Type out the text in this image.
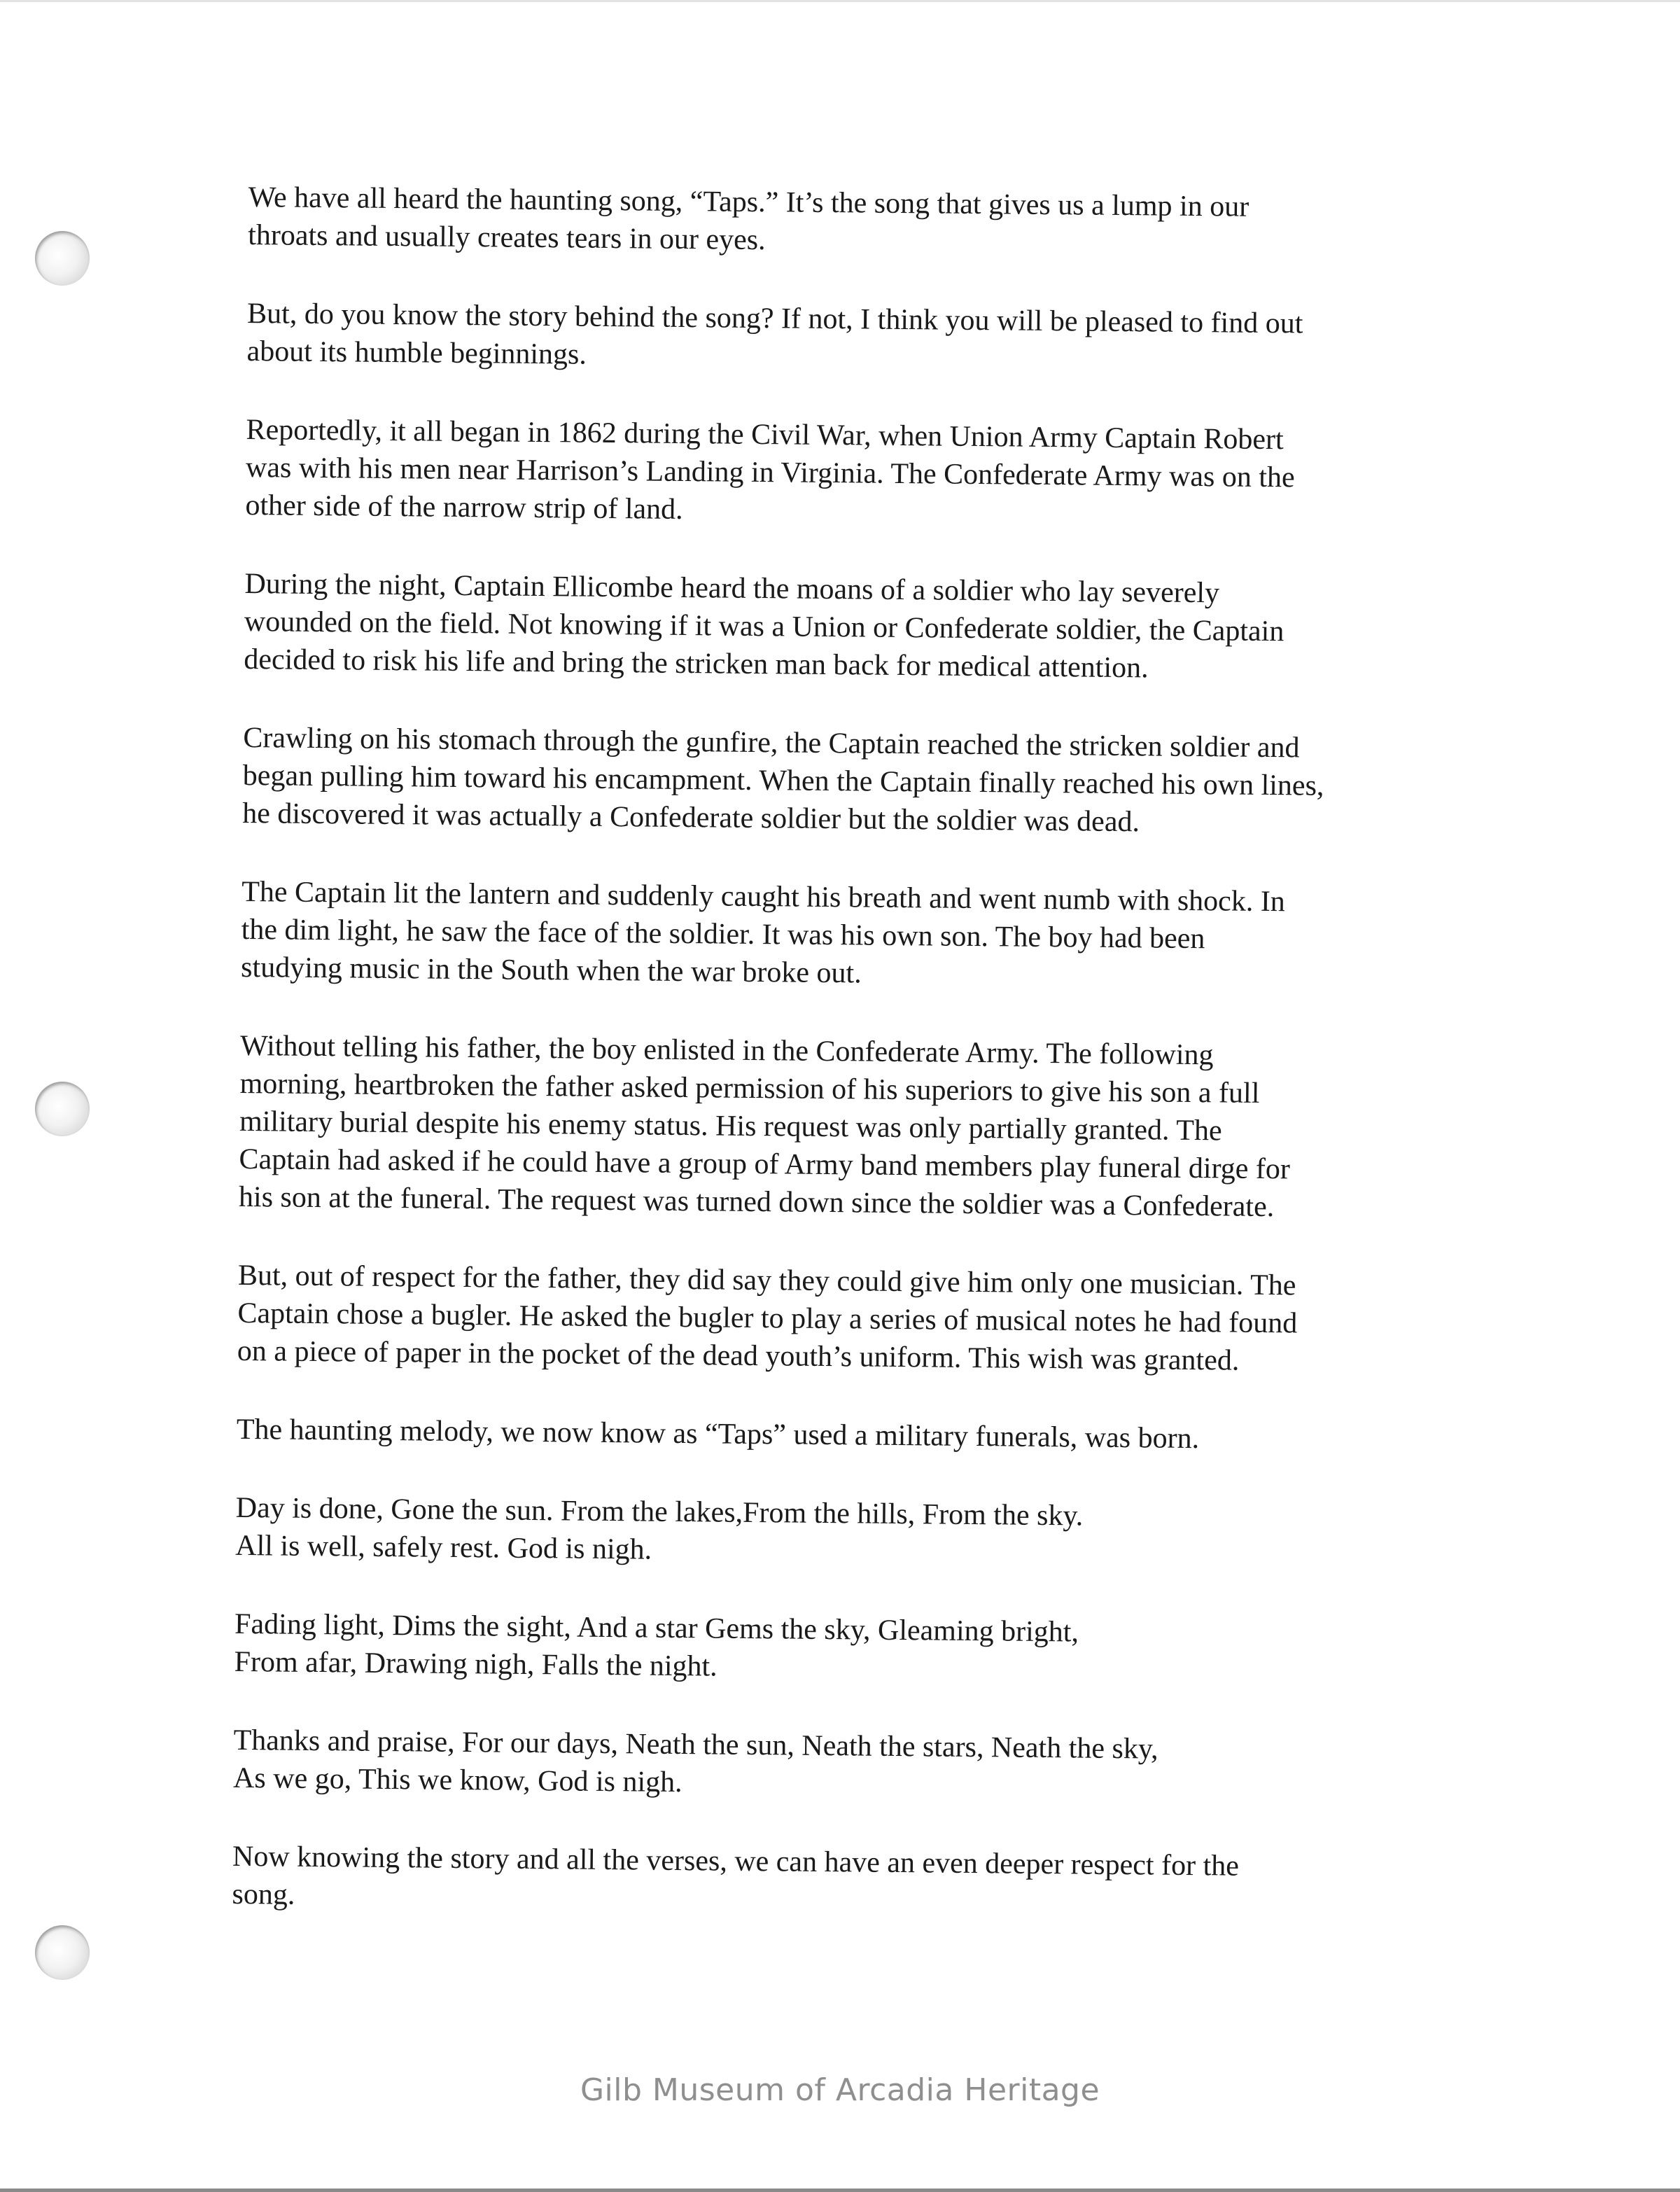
We have all heard the haunting song, “Taps.” It’s the song that gives us a lump in our
throats and usually creates tears in our eyes.

But, do you know the story behind the song? If not, I think you will be pleased to find out
about its humble beginnings.

Reportedly, it all began in 1862 during the Civil War, when Union Army Captain Robert
was with his men near Harrison’s Landing in Virginia. The Confederate Army was on the
other side of the narrow strip of land.

During the night, Captain Ellicombe heard the moans of a soldier who lay severely
wounded on the field. Not knowing if it was a Union or Confederate soldier, the Captain
decided to risk his life and bring the stricken man back for medical attention.

Crawling on his stomach through the gunfire, the Captain reached the stricken soldier and
began pulling him toward his encampment. When the Captain finally reached his own lines,
he discovered it was actually a Confederate soldier but the soldier was dead.

The Captain lit the lantern and suddenly caught his breath and went numb with shock. In
the dim light, he saw the face of the soldier. It was his own son. The boy had been
studying music in the South when the war broke out.

Without telling his father, the boy enlisted in the Confederate Army. The following
morning, heartbroken the father asked permission of his superiors to give his son a full
military burial despite his enemy status. His request was only partially granted. The
Captain had asked if he could have a group of Army band members play funeral dirge for
his son at the funeral. The request was turned down since the soldier was a Confederate.

But, out of respect for the father, they did say they could give him only one musician. The
Captain chose a bugler. He asked the bugler to play a series of musical notes he had found
on a piece of paper in the pocket of the dead youth’s uniform. This wish was granted.

The haunting melody, we now know as “Taps” used a military funerals, was born.

Day is done, Gone the sun. From the lakes,From the hills, From the sky.
All is well, safely rest. God is nigh.

Fading light, Dims the sight, And a star Gems the sky, Gleaming bright,
From afar, Drawing nigh, Falls the night.

Thanks and praise, For our days, Neath the sun, Neath the stars, Neath the sky,
As we go, This we know, God is nigh.

Now knowing the story and all the verses, we can have an even deeper respect for the
song.

Gilb Museum of Arcadia Heritage
